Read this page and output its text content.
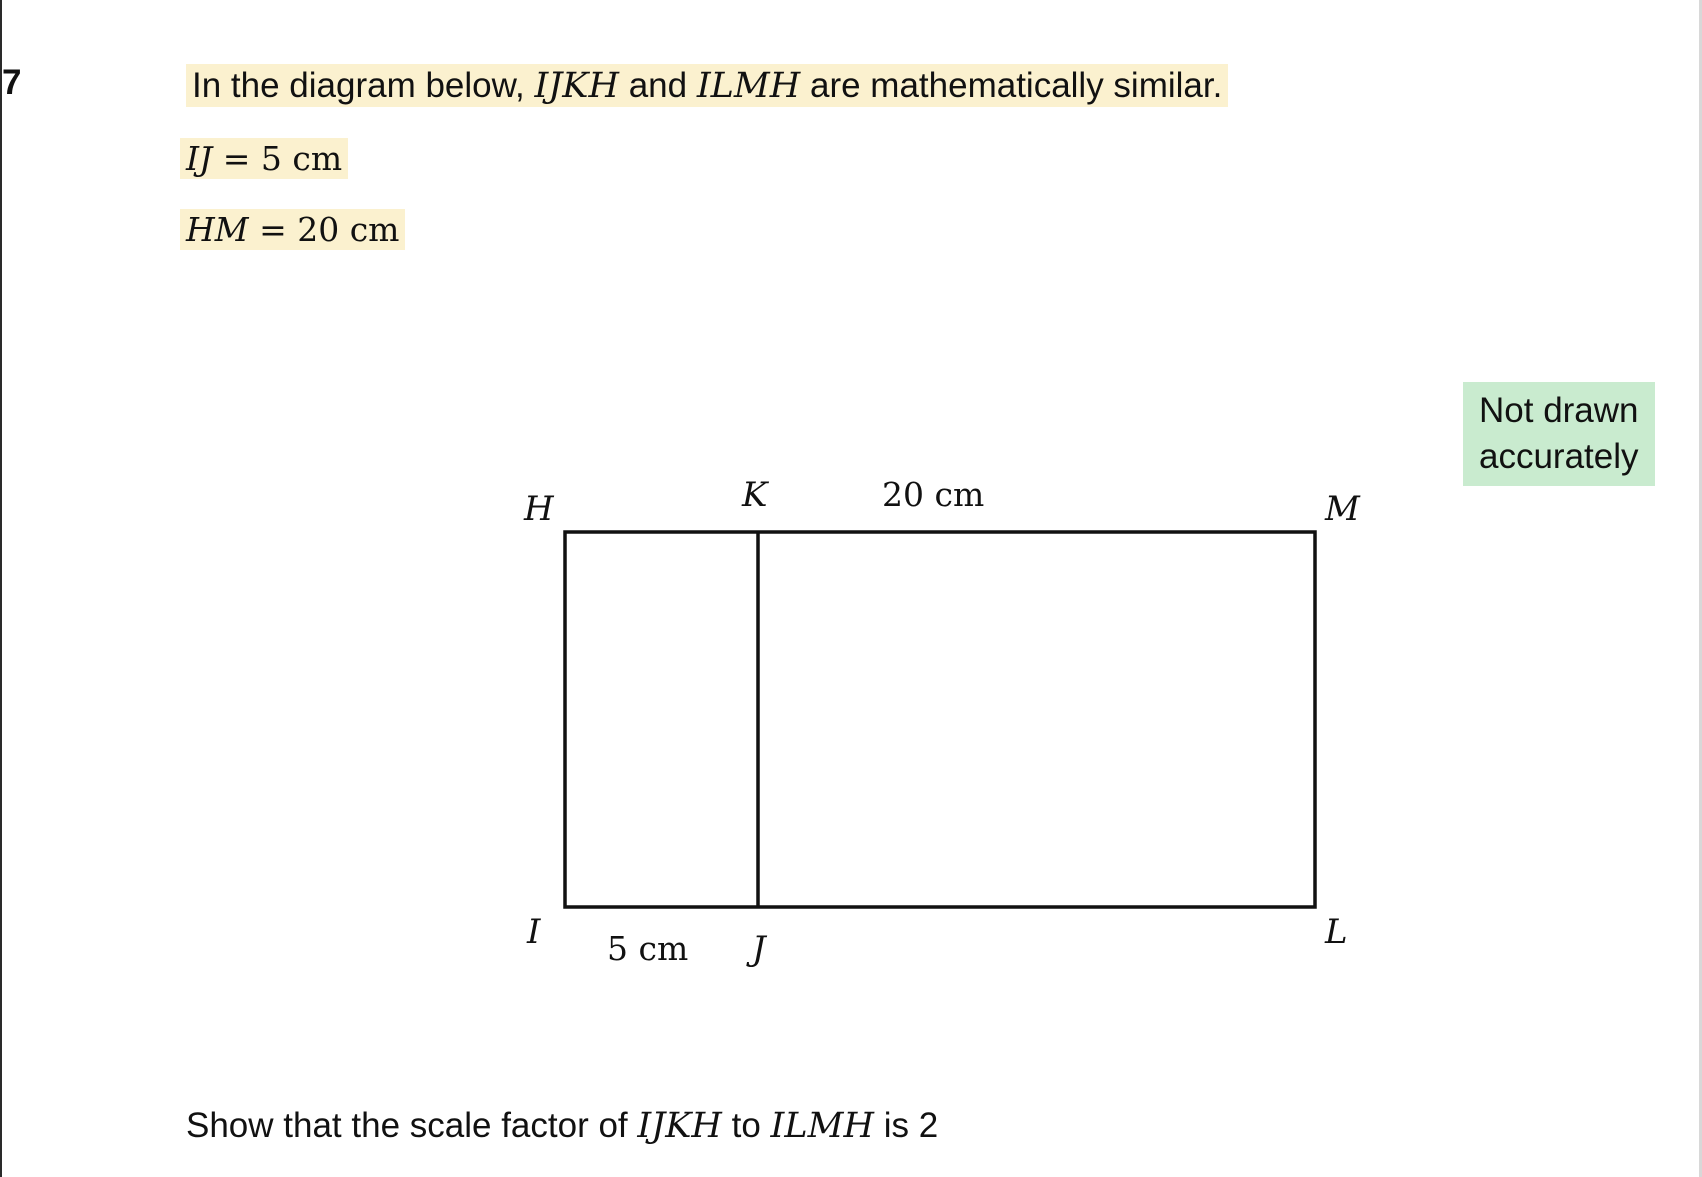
7	In the diagram below, IJKH and ILMH are mathematically similar.
IJ = 5 cm
HM = 20 cm
Not drawn
accurately
H	K	M
I	J	L
20 cm
5 cm
Show that the scale factor of IJKH to ILMH is 2
